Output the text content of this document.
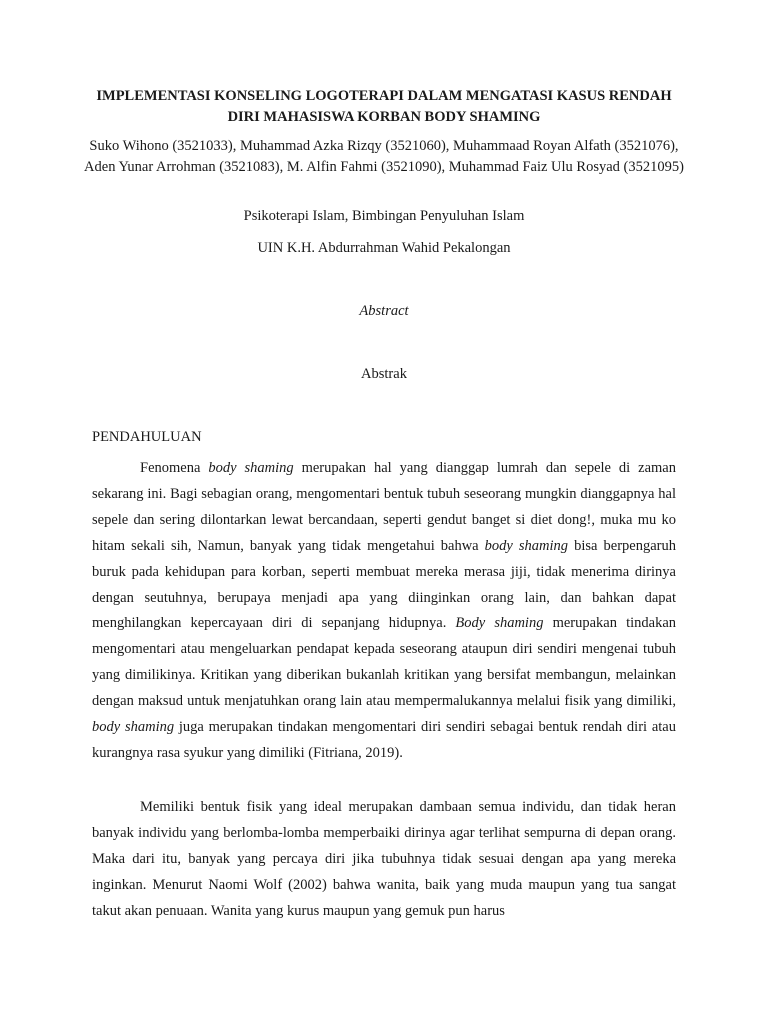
IMPLEMENTASI KONSELING LOGOTERAPI DALAM MENGATASI KASUS RENDAH DIRI MAHASISWA KORBAN BODY SHAMING

Suko Wihono (3521033), Muhammad Azka Rizqy (3521060), Muhammaad Royan Alfath (3521076), Aden Yunar Arrohman (3521083), M. Alfin Fahmi (3521090), Muhammad Faiz Ulu Rosyad (3521095)

Psikoterapi Islam, Bimbingan Penyuluhan Islam

UIN K.H. Abdurrahman Wahid Pekalongan

Abstract

Abstrak

PENDAHULUAN

Fenomena body shaming merupakan hal yang dianggap lumrah dan sepele di zaman sekarang ini. Bagi sebagian orang, mengomentari bentuk tubuh seseorang mungkin dianggapnya hal sepele dan sering dilontarkan lewat bercandaan, seperti gendut banget si diet dong!, muka mu ko hitam sekali sih, Namun, banyak yang tidak mengetahui bahwa body shaming bisa berpengaruh buruk pada kehidupan para korban, seperti membuat mereka merasa jiji, tidak menerima dirinya dengan seutuhnya, berupaya menjadi apa yang diinginkan orang lain, dan bahkan dapat menghilangkan kepercayaan diri di sepanjang hidupnya. Body shaming merupakan tindakan mengomentari atau mengeluarkan pendapat kepada seseorang ataupun diri sendiri mengenai tubuh yang dimilikinya. Kritikan yang diberikan bukanlah kritikan yang bersifat membangun, melainkan dengan maksud untuk menjatuhkan orang lain atau mempermalukannya melalui fisik yang dimiliki, body shaming juga merupakan tindakan mengomentari diri sendiri sebagai bentuk rendah diri atau kurangnya rasa syukur yang dimiliki (Fitriana, 2019).

Memiliki bentuk fisik yang ideal merupakan dambaan semua individu, dan tidak heran banyak individu yang berlomba-lomba memperbaiki dirinya agar terlihat sempurna di depan orang. Maka dari itu, banyak yang percaya diri jika tubuhnya tidak sesuai dengan apa yang mereka inginkan. Menurut Naomi Wolf (2002) bahwa wanita, baik yang muda maupun yang tua sangat takut akan penuaan. Wanita yang kurus maupun yang gemuk pun harus
